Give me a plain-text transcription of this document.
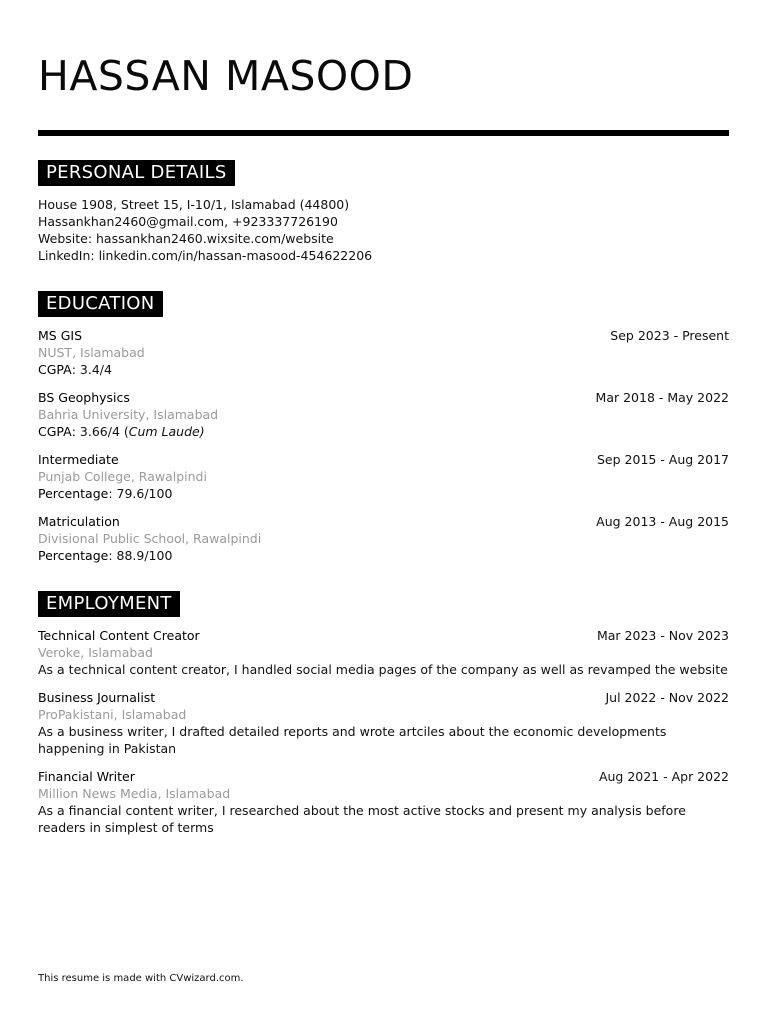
HASSAN MASOOD
PERSONAL DETAILS
House 1908, Street 15, I-10/1, Islamabad (44800)
Hassankhan2460@gmail.com, +923337726190
Website: hassankhan2460.wixsite.com/website
LinkedIn: linkedin.com/in/hassan-masood-454622206
EDUCATION
MS GIS	Sep 2023 - Present
NUST, Islamabad
CGPA: 3.4/4
BS Geophysics	Mar 2018 - May 2022
Bahria University, Islamabad
CGPA: 3.66/4 (Cum Laude)
Intermediate	Sep 2015 - Aug 2017
Punjab College, Rawalpindi
Percentage: 79.6/100
Matriculation	Aug 2013 - Aug 2015
Divisional Public School, Rawalpindi
Percentage: 88.9/100
EMPLOYMENT
Technical Content Creator	Mar 2023 - Nov 2023
Veroke, Islamabad
As a technical content creator, I handled social media pages of the company as well as revamped the website
Business Journalist	Jul 2022 - Nov 2022
ProPakistani, Islamabad
As a business writer, I drafted detailed reports and wrote artciles about the economic developments happening in Pakistan
Financial Writer	Aug 2021 - Apr 2022
Million News Media, Islamabad
As a financial content writer, I researched about the most active stocks and present my analysis before readers in simplest of terms
This resume is made with CVwizard.com.
